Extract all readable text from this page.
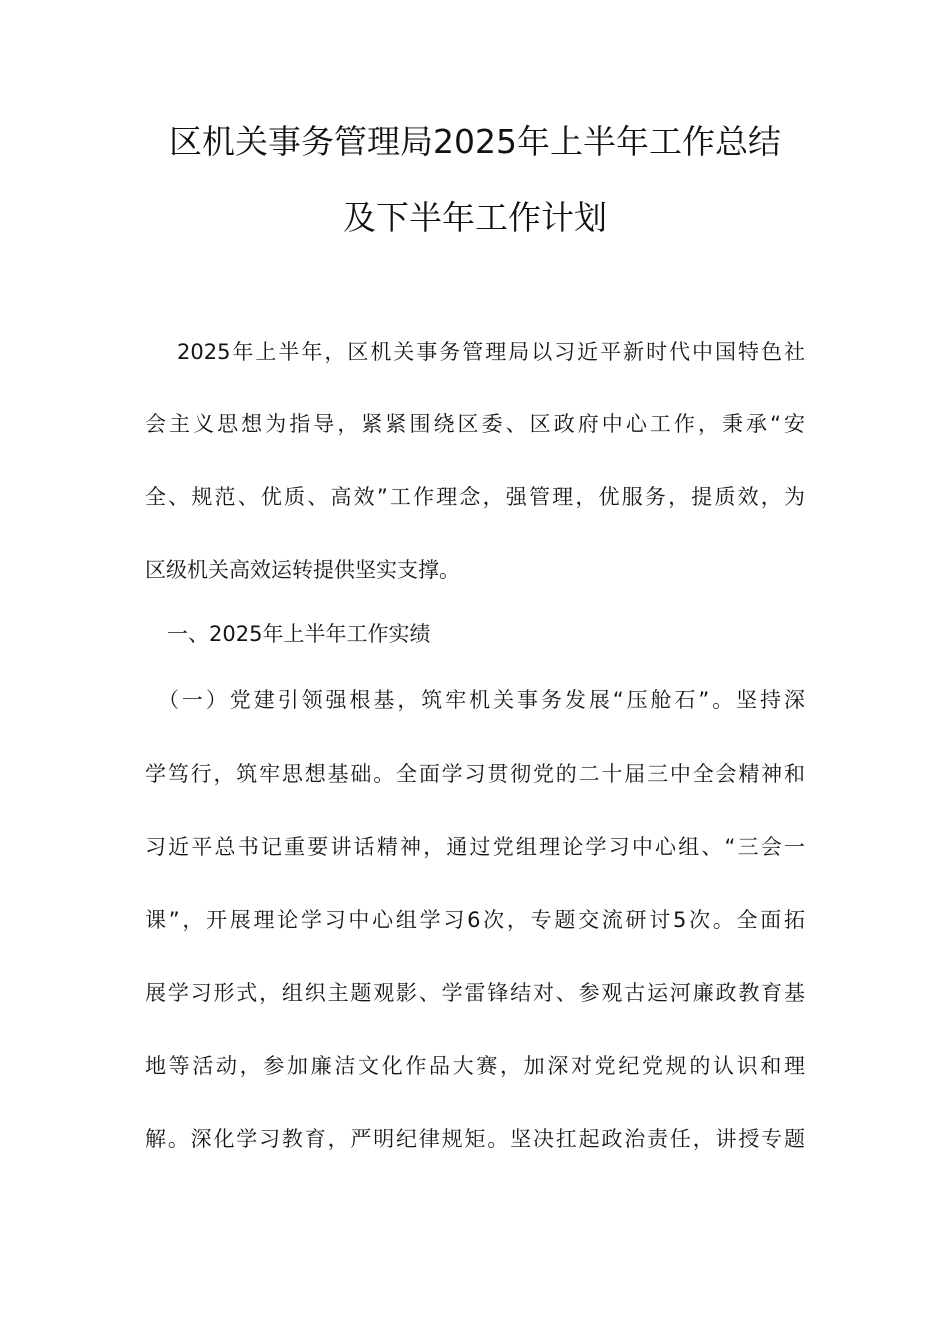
区机关事务管理局2025年上半年工作总结
及下半年工作计划
2025年上半年，区机关事务管理局以习近平新时代中国特色社
会主义思想为指导，紧紧围绕区委、区政府中心工作，秉承“安
全、规范、优质、高效”工作理念，强管理，优服务，提质效，为
区级机关高效运转提供坚实支撑。
一、2025年上半年工作实绩
（一）党建引领强根基，筑牢机关事务发展“压舱石”。坚持深
学笃行，筑牢思想基础。全面学习贯彻党的二十届三中全会精神和
习近平总书记重要讲话精神，通过党组理论学习中心组、“三会一
课”，开展理论学习中心组学习6次，专题交流研讨5次。全面拓
展学习形式，组织主题观影、学雷锋结对、参观古运河廉政教育基
地等活动，参加廉洁文化作品大赛，加深对党纪党规的认识和理
解。深化学习教育，严明纪律规矩。坚决扛起政治责任，讲授专题
